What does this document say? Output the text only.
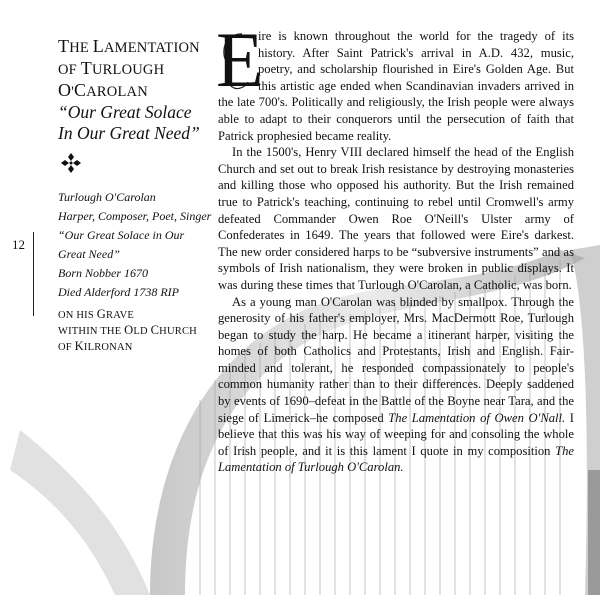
12

THE LAMENTATION

OF TURLOUGH

O'CAROLAN

“Our Great Solace

In Our Great Need”

Turlough O'Carolan
Harper, Composer, Poet, Singer
“Our Great Solace in Our
Great Need”
Born Nobber 1670
Died Alderford 1738 RIP
ON HIS GRAVE
WITHIN THE OLD CHURCH
OF KILRONAN

E
ire is known throughout the world for the tragedy of its history. After Saint Patrick's arrival in A.D. 432, music, poetry, and scholarship flourished in Eire's Golden Age. But this artistic age ended when Scandinavian invaders arrived in the late 700's. Politically and religiously, the Irish people were always able to adapt to their conquerors until the persecution of faith that Patrick prophesied became reality.

In the 1500's, Henry VIII declared himself the head of the English Church and set out to break Irish resistance by destroying monasteries and killing those who opposed his authority. But the Irish remained true to Patrick's teaching, continuing to rebel until Cromwell's army defeated Commander Owen Roe O'Neill's Ulster army of Confederates in 1649. The years that followed were Eire's darkest. The new order considered harps to be “subversive instruments” and as symbols of Irish nationalism, they were broken in public displays. It was during these times that Turlough O'Carolan, a Catholic, was born.

As a young man O'Carolan was blinded by smallpox. Through the generosity of his father's employer, Mrs. MacDermott Roe, Turlough began to study the harp. He became a itinerant harper, visiting the homes of both Catholics and Protestants, Irish and English. Fair-minded and tolerant, he responded compassionately to people's common humanity rather than to their differences. Deeply saddened by events of 1690–defeat in the Battle of the Boyne near Tara, and the siege of Limerick–he composed The Lamentation of Owen O'Nall. I believe that this was his way of weeping for and consoling the whole of Irish people, and it is this lament I quote in my composition The Lamentation of Turlough O'Carolan.
